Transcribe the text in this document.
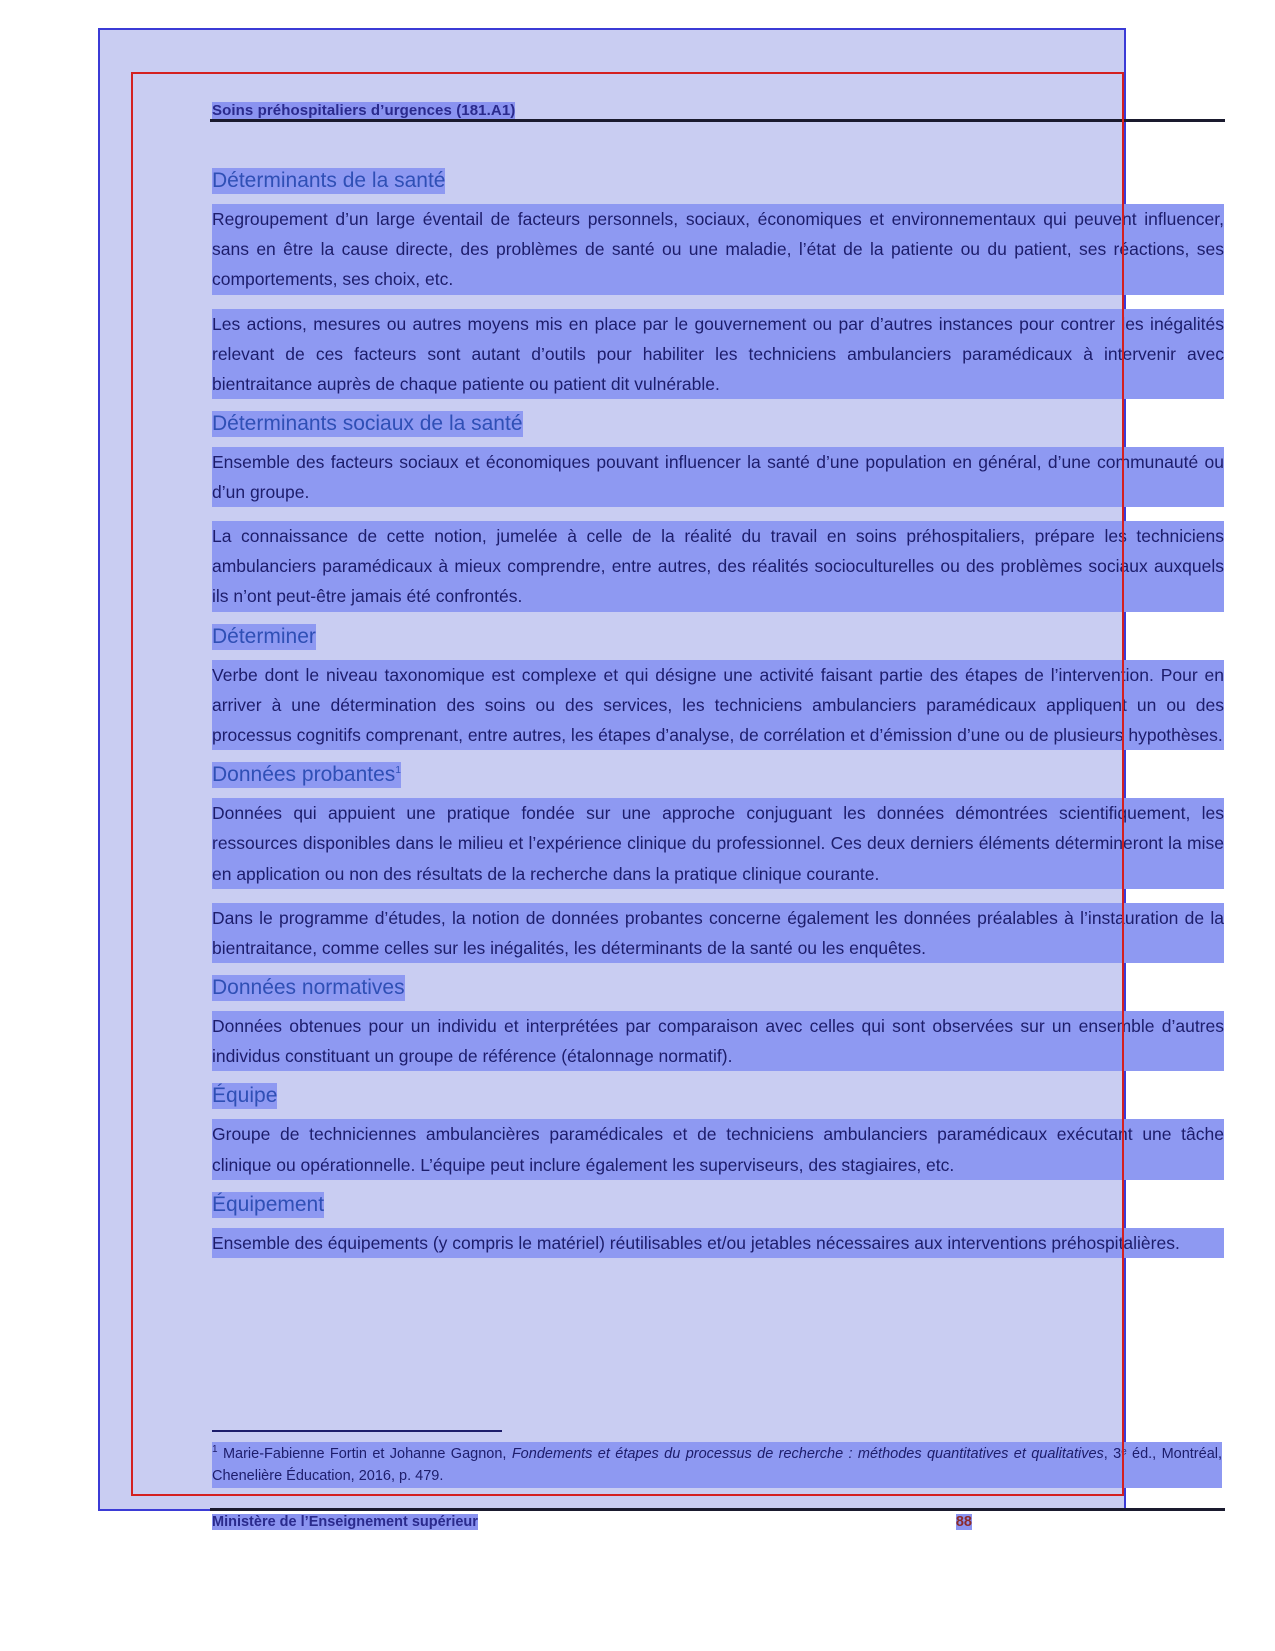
Soins préhospitaliers d’urgences (181.A1)
Déterminants de la santé

Regroupement d’un large éventail de facteurs personnels, sociaux, économiques et environnementaux qui peuvent influencer, sans en être la cause directe, des problèmes de santé ou une maladie, l’état de la patiente ou du patient, ses réactions, ses comportements, ses choix, etc.

Les actions, mesures ou autres moyens mis en place par le gouvernement ou par d’autres instances pour contrer les inégalités relevant de ces facteurs sont autant d’outils pour habiliter les techniciens ambulanciers paramédicaux à intervenir avec bientraitance auprès de chaque patiente ou patient dit vulnérable.

Déterminants sociaux de la santé

Ensemble des facteurs sociaux et économiques pouvant influencer la santé d’une population en général, d’une communauté ou d’un groupe.

La connaissance de cette notion, jumelée à celle de la réalité du travail en soins préhospitaliers, prépare les techniciens ambulanciers paramédicaux à mieux comprendre, entre autres, des réalités socioculturelles ou des problèmes sociaux auxquels ils n’ont peut-être jamais été confrontés.

Déterminer

Verbe dont le niveau taxonomique est complexe et qui désigne une activité faisant partie des étapes de l’intervention. Pour en arriver à une détermination des soins ou des services, les techniciens ambulanciers paramédicaux appliquent un ou des processus cognitifs comprenant, entre autres, les étapes d’analyse, de corrélation et d’émission d’une ou de plusieurs hypothèses.

Données probantes$^1$

Données qui appuient une pratique fondée sur une approche conjuguant les données démontrées scientifiquement, les ressources disponibles dans le milieu et l’expérience clinique du professionnel. Ces deux derniers éléments détermineront la mise en application ou non des résultats de la recherche dans la pratique clinique courante.

Dans le programme d’études, la notion de données probantes concerne également les données préalables à l’instauration de la bientraitance, comme celles sur les inégalités, les déterminants de la santé ou les enquêtes.

Données normatives

Données obtenues pour un individu et interprétées par comparaison avec celles qui sont observées sur un ensemble d’autres individus constituant un groupe de référence (étalonnage normatif).

Équipe

Groupe de techniciennes ambulancières paramédicales et de techniciens ambulanciers paramédicaux exécutant une tâche clinique ou opérationnelle. L’équipe peut inclure également les superviseurs, des stagiaires, etc.

Équipement

Ensemble des équipements (y compris le matériel) réutilisables et/ou jetables nécessaires aux interventions préhospitalières.

$^1$ Marie-Fabienne Fortin et Johanne Gagnon, Fondements et étapes du processus de recherche : méthodes quantitatives et qualitatives, 3ᵉ éd., Montréal, Chenelière Éducation, 2016, p. 479.
Ministère de l’Enseignement supérieur	88
